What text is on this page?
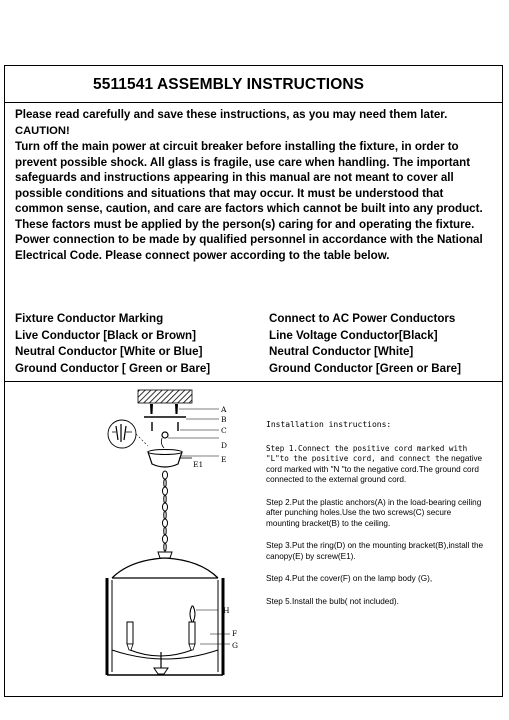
5511541 ASSEMBLY INSTRUCTIONS

Please read carefully and save these instructions, as you may need them later. CAUTION!

Turn off the main power at circuit breaker before installing the fixture, in order to prevent possible shock. All glass is fragile, use care when handling. The important safeguards and instructions appearing in this manual are not meant to cover all possible conditions and situations that may occur. It must be understood that common sense, caution, and care are factors which cannot be built into any product.

These factors must be applied by the person(s) caring for and operating the fixture.

Power connection to be made by qualified personnel in accordance with the National Electrical Code. Please connect power according to the table below.

Fixture Conductor Marking	Connect to AC Power Conductors
Live Conductor [Black or Brown]	Line Voltage Conductor[Black]
Neutral Conductor [White or Blue]	Neutral Conductor [White]
Ground Conductor [ Green or Bare]	Ground Conductor [Green or Bare]
A
B
C
D
E
E1
H
F
G
Installation instructions:

Step 1.Connect the positive cord marked with "L"to the positive cord, and connect the negative cord marked with "N "to the negative cord.The ground cord connected to the external ground cord.

Step 2.Put the plastic anchors(A) in the load-bearing ceiling after punching holes.Use the two screws(C) secure mounting bracket(B) to the ceiling.

Step 3.Put the ring(D) on the mounting bracket(B),install the canopy(E) by screw(E1).

Step 4.Put the cover(F) on the lamp body (G),

Step 5.Install the bulb( not included).
